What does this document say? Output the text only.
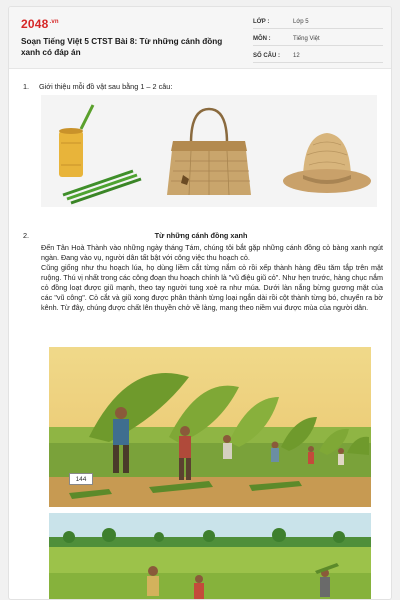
$2048^{.vn}$
Soạn Tiếng Việt 5 CTST Bài 8: Từ những cánh đồng xanh có đáp án
LỚP :	Lớp 5
MÔN :	Tiếng Việt
SỐ CÂU : 12
1. Giới thiệu mỗi đồ vật sau bằng 1 – 2 câu:
2.	Từ những cánh đồng xanh
Đến Tân Hoà Thành vào những ngày tháng Tám, chúng tôi bắt gặp những cánh đồng cỏ bàng xanh ngút ngàn. Đang vào vụ, người dân tất bật với công việc thu hoạch cỏ.
Cũng giống như thu hoạch lúa, họ dùng liềm cắt từng nắm cỏ rồi xếp thành hàng đều tăm tắp trên mặt ruộng. Thú vị nhất trong các công đoạn thu hoạch chính là "vũ điệu giũ cỏ". Như hẹn trước, hàng chục nắm cỏ đồng loạt được giũ mạnh, theo tay người tung xoè ra như múa. Dưới làn nắng bừng gương mặt của các "vũ công". Cỏ cắt và giũ xong được phân thành từng loại ngắn dài rồi cột thành từng bó, chuyển ra bờ kênh. Từ đây, chúng được chất lên thuyền chở về làng, mang theo niềm vui được mùa của người dân.
144
